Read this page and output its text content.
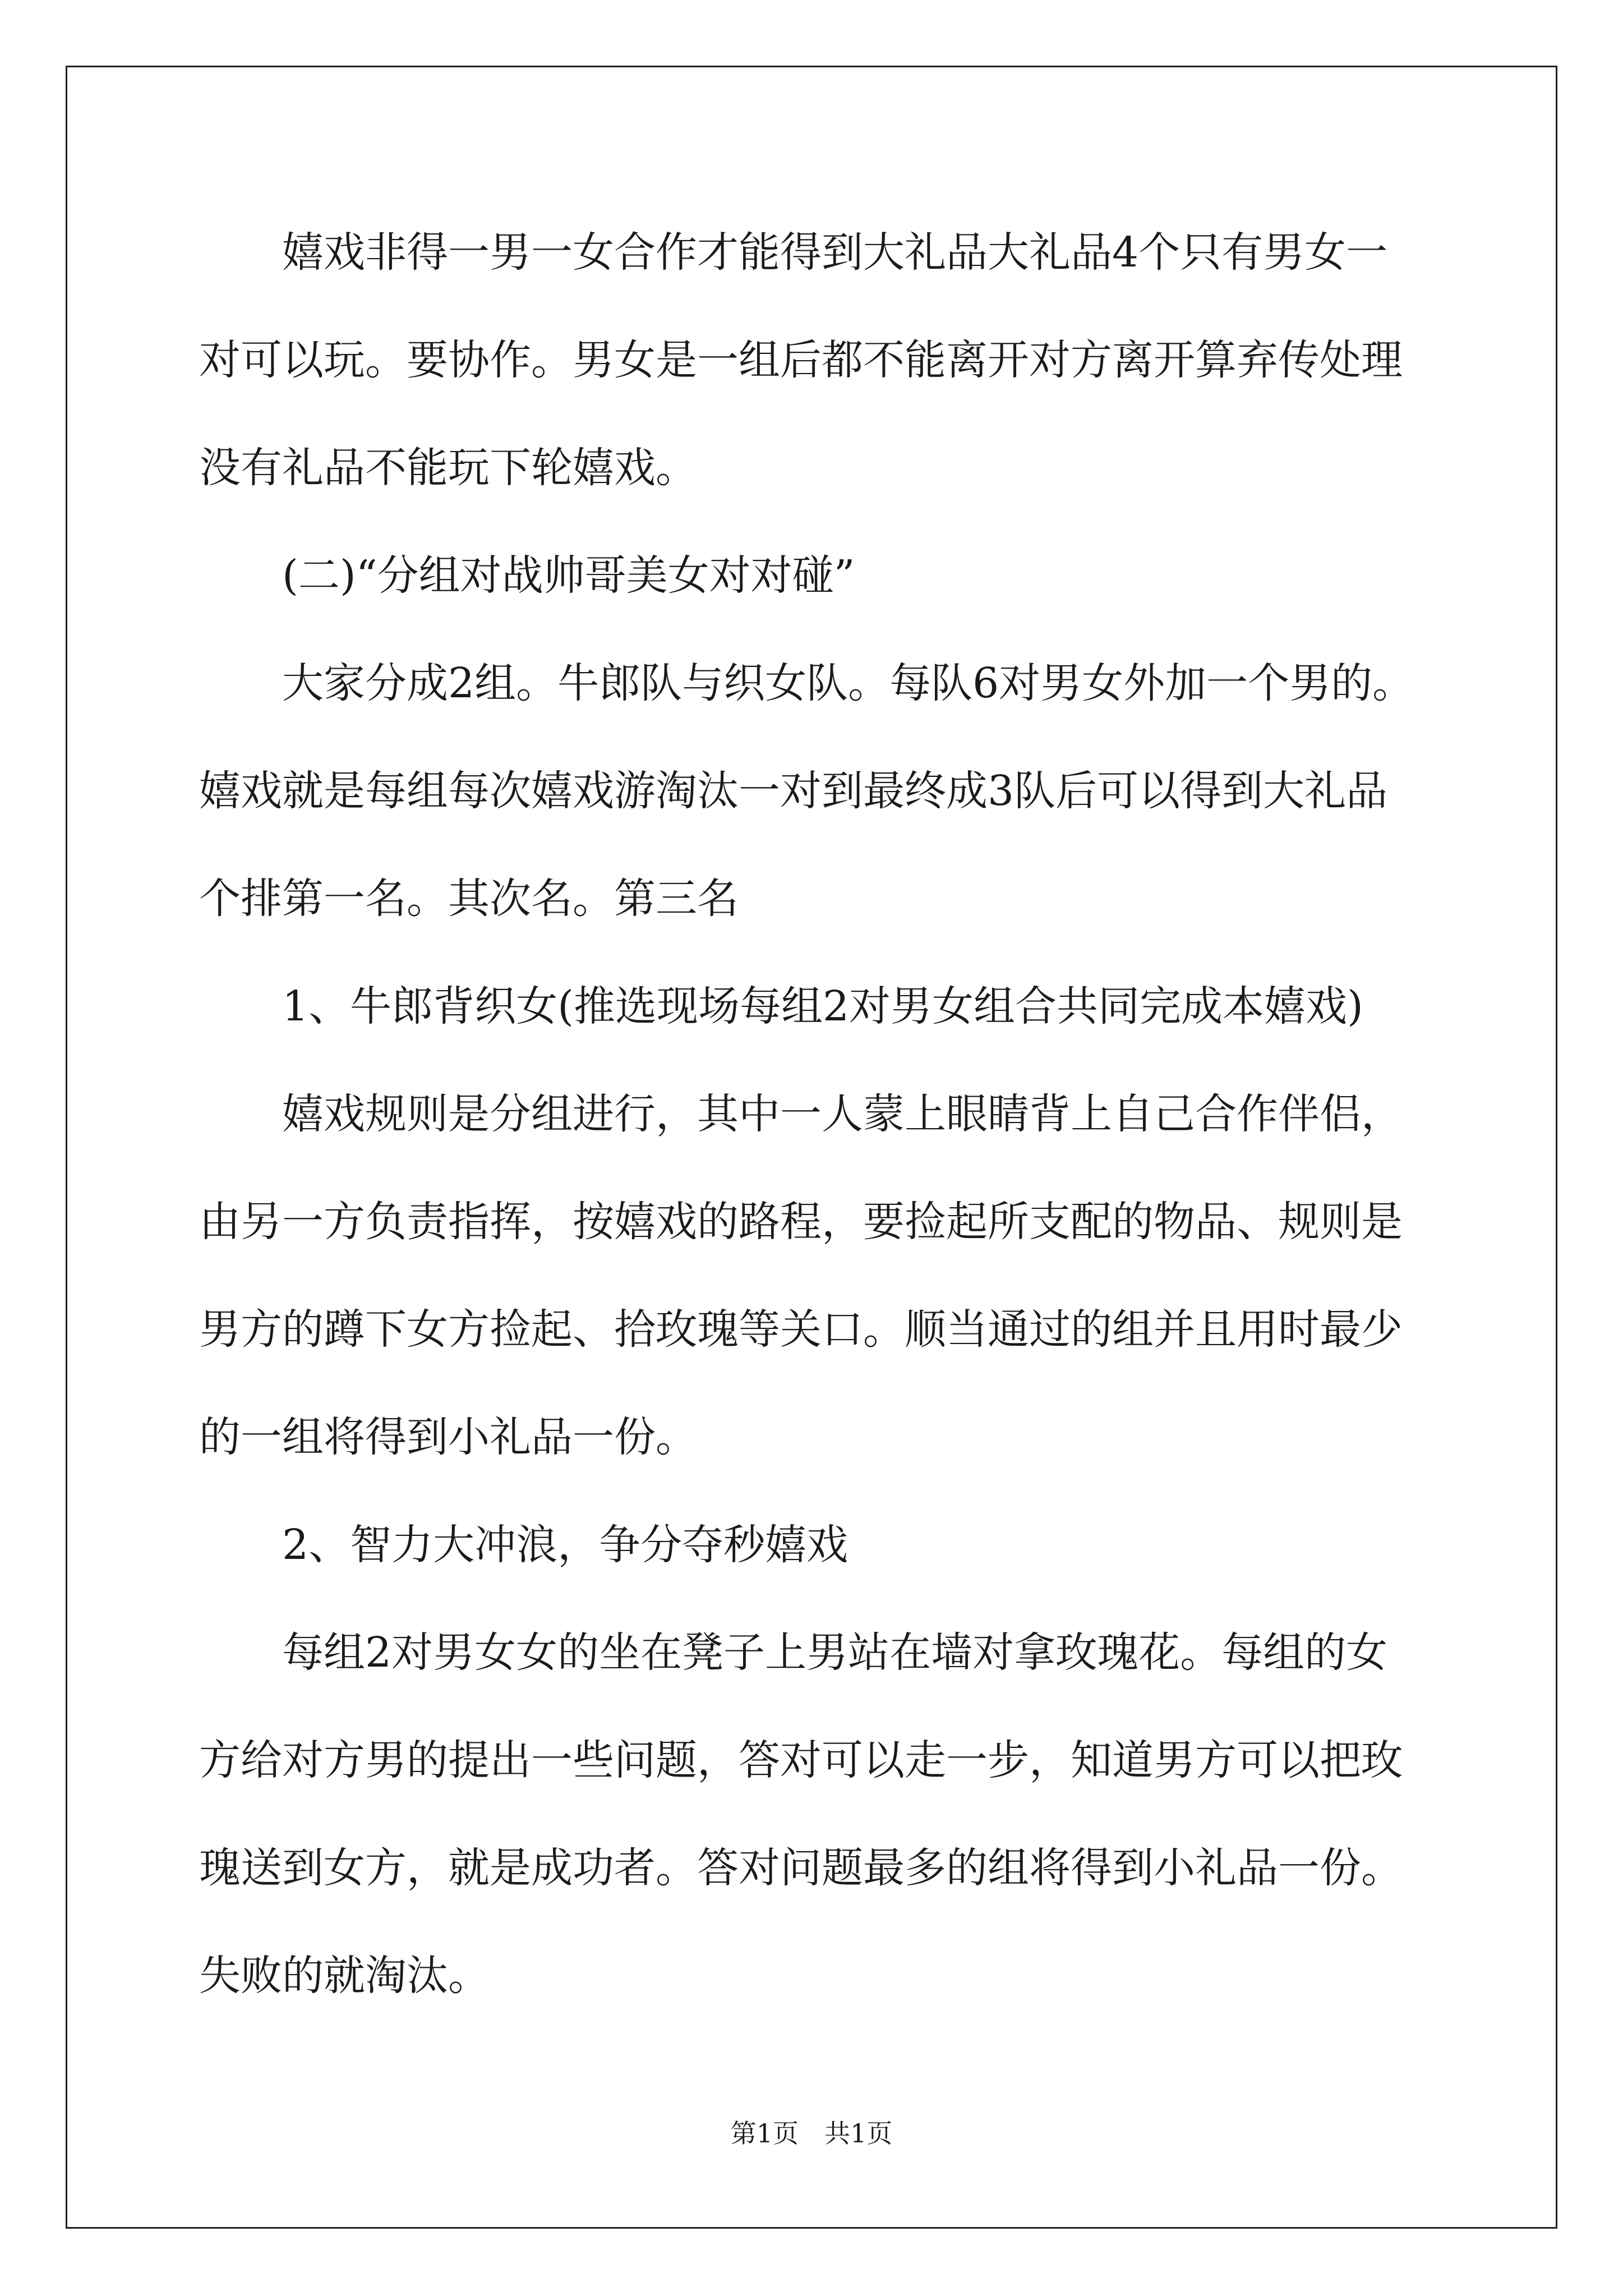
嬉戏非得一男一女合作才能得到大礼品大礼品4个只有男女一对可以玩。要协作。男女是一组后都不能离开对方离开算弃传处理没有礼品不能玩下轮嬉戏。

(二)“分组对战帅哥美女对对碰”

大家分成2组。牛郎队与织女队。每队6对男女外加一个男的。嬉戏就是每组每次嬉戏游淘汰一对到最终成3队后可以得到大礼品个排第一名。其次名。第三名

1、牛郎背织女(推选现场每组2对男女组合共同完成本嬉戏)

嬉戏规则是分组进行，其中一人蒙上眼睛背上自己合作伴侣，由另一方负责指挥，按嬉戏的路程，要捡起所支配的物品、规则是男方的蹲下女方捡起、拾玫瑰等关口。顺当通过的组并且用时最少的一组将得到小礼品一份。

2、智力大冲浪，争分夺秒嬉戏

每组2对男女女的坐在凳子上男站在墙对拿玫瑰花。每组的女方给对方男的提出一些问题，答对可以走一步，知道男方可以把玫瑰送到女方，就是成功者。答对问题最多的组将得到小礼品一份。失败的就淘汰。

第1页　共1页
